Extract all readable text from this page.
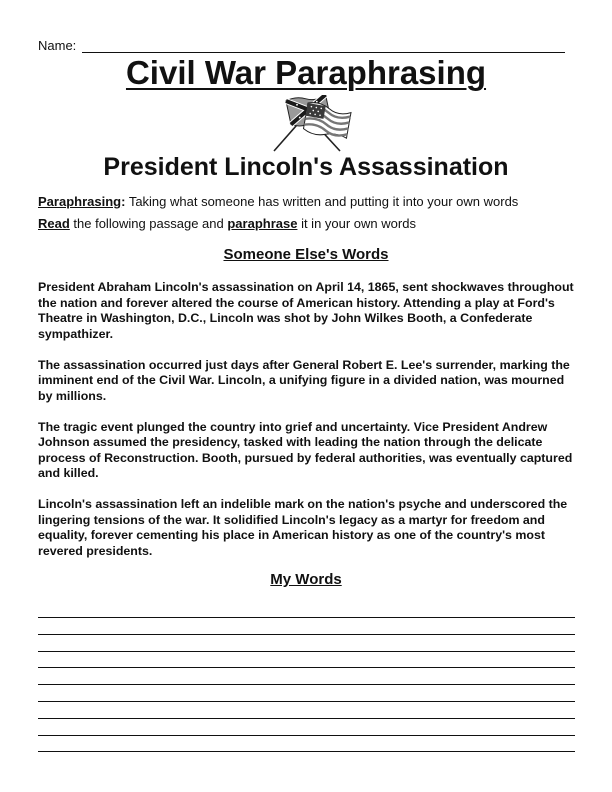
Name:
Civil War Paraphrasing
President Lincoln's Assassination
Paraphrasing: Taking what someone has written and putting it into your own words
Read the following passage and paraphrase it in your own words
Someone Else's Words

President Abraham Lincoln's assassination on April 14, 1865, sent shockwaves throughout the nation and forever altered the course of American history. Attending a play at Ford's Theatre in Washington, D.C., Lincoln was shot by John Wilkes Booth, a Confederate sympathizer.

The assassination occurred just days after General Robert E. Lee's surrender, marking the imminent end of the Civil War. Lincoln, a unifying figure in a divided nation, was mourned by millions.

The tragic event plunged the country into grief and uncertainty. Vice President Andrew Johnson assumed the presidency, tasked with leading the nation through the delicate process of Reconstruction. Booth, pursued by federal authorities, was eventually captured and killed.

Lincoln's assassination left an indelible mark on the nation's psyche and underscored the lingering tensions of the war. It solidified Lincoln's legacy as a martyr for freedom and equality, forever cementing his place in American history as one of the country's most revered presidents.

My Words
